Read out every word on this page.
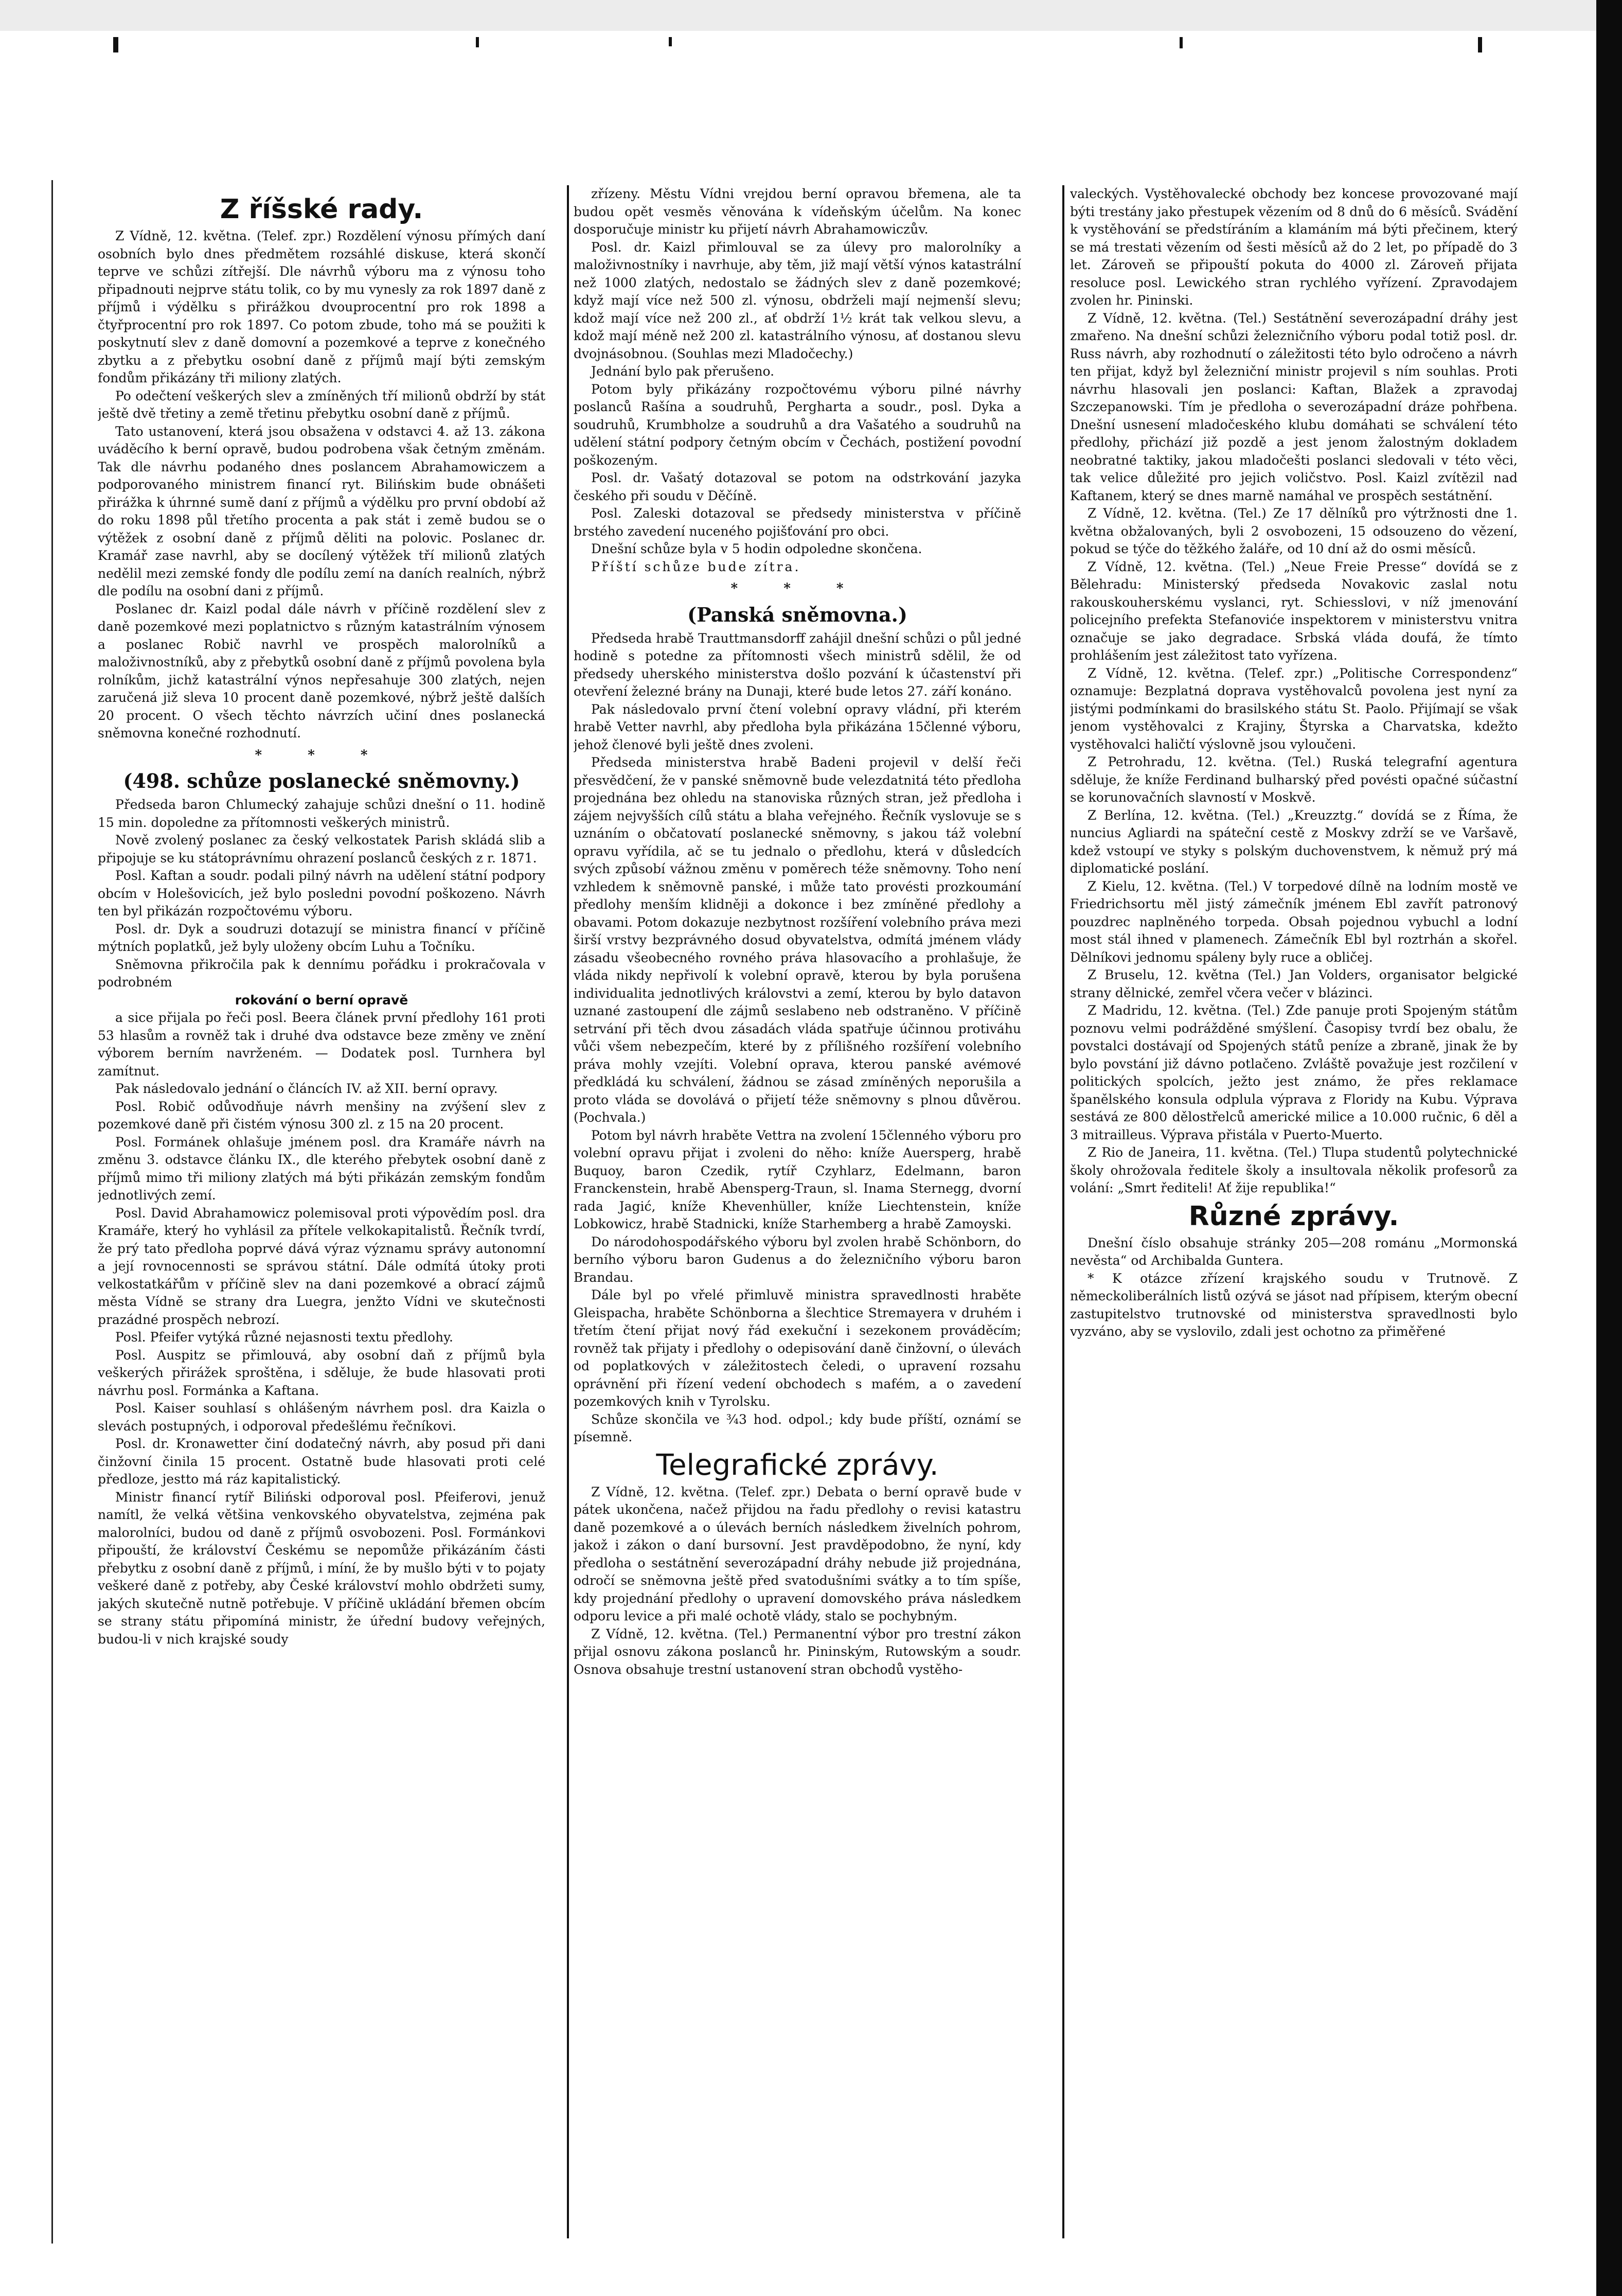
Z říšské rady.

Z Vídně, 12. května. (Telef. zpr.) Rozdělení výnosu přímých daní osobních bylo dnes předmětem rozsáhlé diskuse, která skončí teprve ve schůzi zítřejší. Dle návrhů výboru ma z výnosu toho připadnouti nejprve státu tolik, co by mu vynesly za rok 1897 daně z příjmů i výdělku s přirážkou dvouprocentní pro rok 1898 a čtyřprocentní pro rok 1897. Co potom zbude, toho má se použiti k poskytnutí slev z daně domovní a pozemkové a teprve z konečného zbytku a z přebytku osobní daně z příjmů mají býti zemským fondům přikázány tři miliony zlatých.

Po odečtení veškerých slev a zmíněných tří milionů obdrží by stát ještě dvě třetiny a země třetinu přebytku osobní daně z příjmů.

Tato ustanovení, která jsou obsažena v odstavci 4. až 13. zákona uváděcího k berní opravě, budou podrobena však četným změnám. Tak dle návrhu podaného dnes poslancem Abrahamowiczem a podporovaného ministrem financí ryt. Bilińskim bude obnášeti přirážka k úhrnné sumě daní z příjmů a výdělku pro první období až do roku 1898 půl třetího procenta a pak stát i země budou se o výtěžek z osobní daně z příjmů děliti na polovic. Poslanec dr. Kramář zase navrhl, aby se docílený výtěžek tří milionů zlatých nedělil mezi zemské fondy dle podílu zemí na daních realních, nýbrž dle podílu na osobní dani z příjmů.

Poslanec dr. Kaizl podal dále návrh v příčině rozdělení slev z daně pozemkové mezi poplatnictvo s různým katastrálním výnosem a poslanec Robič navrhl ve prospěch malorolníků a maloživnostníků, aby z přebytků osobní daně z příjmů povolena byla rolníkům, jichž katastrální výnos nepřesahuje 300 zlatých, nejen zaručená již sleva 10 procent daně pozemkové, nýbrž ještě dalších 20 procent. O všech těchto návrzích učiní dnes poslanecká sněmovna konečné rozhodnutí.

* * *
(498. schůze poslanecké sněmovny.)

Předseda baron Chlumecký zahajuje schůzi dnešní o 11. hodině 15 min. dopoledne za přítomnosti veškerých ministrů.

Nově zvolený poslanec za český velkostatek Parish skládá slib a připojuje se ku státoprávnímu ohrazení poslanců českých z r. 1871.

Posl. Kaftan a soudr. podali pilný návrh na udělení státní podpory obcím v Holešovicích, jež bylo posledni povodní poškozeno. Návrh ten byl přikázán rozpočtovému výboru.

Posl. dr. Dyk a soudruzi dotazují se ministra financí v příčině mýtních poplatků, jež byly uloženy obcím Luhu a Točníku.

Sněmovna přikročila pak k dennímu pořádku i prokračovala v podrobném

rokování o berní opravě

a sice přijala po řeči posl. Beera článek první předlohy 161 proti 53 hlasům a rovněž tak i druhé dva odstavce beze změny ve znění výborem berním navrženém. — Dodatek posl. Turnhera byl zamítnut.

Pak následovalo jednání o článcích IV. až XII. berní opravy.

Posl. Robič odůvodňuje návrh menšiny na zvýšení slev z pozemkové daně při čistém výnosu 300 zl. z 15 na 20 procent.

Posl. Formánek ohlašuje jménem posl. dra Kramáře návrh na změnu 3. odstavce článku IX., dle kterého přebytek osobní daně z příjmů mimo tři miliony zlatých má býti přikázán zemským fondům jednotlivých zemí.

Posl. David Abrahamowicz polemisoval proti výpovědím posl. dra Kramáře, který ho vyhlásil za přítele velkokapitalistů. Řečník tvrdí, že prý tato předloha poprvé dává výraz významu správy autonomní a její rovnocennosti se správou státní. Dále odmítá útoky proti velkostatkářům v příčině slev na dani pozemkové a obrací zájmů města Vídně se strany dra Luegra, jenžto Vídni ve skutečnosti prazádné prospěch nebrozí.

Posl. Pfeifer vytýká různé nejasnosti textu předlohy.

Posl. Auspitz se přimlouvá, aby osobní daň z příjmů byla veškerých přirážek sproštěna, i sděluje, že bude hlasovati proti návrhu posl. Formánka a Kaftana.

Posl. Kaiser souhlasí s ohlášeným návrhem posl. dra Kaizla o slevách postupných, i odporoval předešlému řečníkovi.

Posl. dr. Kronawetter činí dodatečný návrh, aby posud při dani činžovní činila 15 procent. Ostatně bude hlasovati proti celé předloze, jestto má ráz kapitalistický.

Ministr financí rytíř Biliński odporoval posl. Pfeiferovi, jenuž namítl, že velká většina venkovského obyvatelstva, zejména pak malorolníci, budou od daně z příjmů osvobozeni. Posl. Formánkovi připouští, že království Českému se nepomůže přikázáním části přebytku z osobní daně z příjmů, i míní, že by mušlo býti v to pojaty veškeré daně z potřeby, aby České království mohlo obdržeti sumy, jakých skutečně nutně potřebuje. V příčině ukládání břemen obcím se strany státu připomíná ministr, že úřední budovy veřejných, budou-li v nich krajské soudy

zřízeny. Městu Vídni vrejdou berní opravou břemena, ale ta budou opět vesměs věnována k vídeňským účelům. Na konec dosporučuje ministr ku přijetí návrh Abrahamowiczův.

Posl. dr. Kaizl přimlouval se za úlevy pro malorolníky a maloživnostníky i navrhuje, aby těm, již mají větší výnos katastrální než 1000 zlatých, nedostalo se žádných slev z daně pozemkové; když mají více než 500 zl. výnosu, obdrželi mají nejmenší slevu; kdož mají více než 200 zl., ať obdrží 1½ krát tak velkou slevu, a kdož mají méně než 200 zl. katastrálního výnosu, ať dostanou slevu dvojnásobnou. (Souhlas mezi Mladočechy.)

Jednání bylo pak přerušeno.

Potom byly přikázány rozpočtovému výboru pilné návrhy poslanců Rašína a soudruhů, Pergharta a soudr., posl. Dyka a soudruhů, Krumbholze a soudruhů a dra Vašatého a soudruhů na udělení státní podpory četným obcím v Čechách, postižení povodní poškozeným.

Posl. dr. Vašatý dotazoval se potom na odstrkování jazyka českého při soudu v Děčíně.

Posl. Zaleski dotazoval se předsedy ministerstva v příčině brstého zavedení nuceného pojišťování pro obci.

Dnešní schůze byla v 5 hodin odpoledne skončena.

Příští schůze bude zítra.

* * *
(Panská sněmovna.)

Předseda hrabě Trauttmansdorff zahájil dnešní schůzi o půl jedné hodině s potedne za přítomnosti všech ministrů sdělil, že od předsedy uherského ministerstva došlo pozvání k účastenství při otevření železné brány na Dunaji, které bude letos 27. září konáno.

Pak následovalo první čtení volební opravy vládní, při kterém hrabě Vetter navrhl, aby předloha byla přikázána 15členné výboru, jehož členové byli ještě dnes zvoleni.

Předseda ministerstva hrabě Badeni projevil v delší řeči přesvědčení, že v panské sněmovně bude velezdatnitá této předloha projednána bez ohledu na stanoviska různých stran, jež předloha i zájem nejvyšších cílů státu a blaha veřejného. Řečník vyslovuje se s uznáním o občatovatí poslanecké sněmovny, s jakou táž volební opravu vyřídila, ač se tu jednalo o předlohu, která v důsledcích svých způsobí vážnou změnu v poměrech téže sněmovny. Toho není vzhledem k sněmovně panské, i může tato provésti prozkoumání předlohy menším klidněji a dokonce i bez zmíněné předlohy a obavami. Potom dokazuje nezbytnost rozšíření volebního práva mezi širší vrstvy bezprávného dosud obyvatelstva, odmítá jménem vlády zásadu všeobecného rovného práva hlasovacího a prohlašuje, že vláda nikdy nepřivolí k volební opravě, kterou by byla porušena individualita jednotlivých královstvi a zemí, kterou by bylo datavon uznané zastoupení dle zájmů seslabeno neb odstraněno. V příčině setrvání při těch dvou zásadách vláda spatřuje účinnou protiváhu vůči všem nebezpečím, které by z přílišného rozšíření volebního práva mohly vzejíti. Volební oprava, kterou panské avémové předkládá ku schválení, žádnou se zásad zmíněných neporušila a proto vláda se dovolává o přijetí téže sněmovny s plnou důvěrou. (Pochvala.)

Potom byl návrh hraběte Vettra na zvolení 15členného výboru pro volební opravu přijat i zvoleni do něho: kníže Auersperg, hrabě Buquoy, baron Czedik, rytíř Czyhlarz, Edelmann, baron Franckenstein, hrabě Abensperg-Traun, sl. Inama Sternegg, dvorní rada Jagić, kníže Khevenhüller, kníže Liechtenstein, kníže Lobkowicz, hrabě Stadnicki, kníže Starhemberg a hrabě Zamoyski.

Do národohospodářského výboru byl zvolen hrabě Schönborn, do berního výboru baron Gudenus a do železničního výboru baron Brandau.

Dále byl po vřelé přimluvě ministra spravedlnosti hraběte Gleispacha, hraběte Schönborna a šlechtice Stremayera v druhém i třetím čtení přijat nový řád exekuční i sezekonem prováděcím; rovněž tak přijaty i předlohy o odepisování daně činžovní, o úlevách od poplatkových v záležitostech čeledi, o upravení rozsahu oprávnění při řízení vedení obchodech s mafém, a o zavedení pozemkových knih v Tyrolsku.

Schůze skončila ve ¾3 hod. odpol.; kdy bude příští, oznámí se písemně.

Telegrafické zprávy.

Z Vídně, 12. května. (Telef. zpr.) Debata o berní opravě bude v pátek ukončena, načež přijdou na řadu předlohy o revisi katastru daně pozemkové a o úlevách berních následkem živelních pohrom, jakož i zákon o daní bursovní. Jest pravděpodobno, že nyní, kdy předloha o sestátnění severozápadní dráhy nebude již projednána, odročí se sněmovna ještě před svatodušními svátky a to tím spíše, kdy projednání předlohy o upravení domovského práva následkem odporu levice a při malé ochotě vlády, stalo se pochybným.

Z Vídně, 12. května. (Tel.) Permanentní výbor pro trestní zákon přijal osnovu zákona poslanců hr. Pininským, Rutowským a soudr. Osnova obsahuje trestní ustanovení stran obchodů vystěho-

valeckých. Vystěhovalecké obchody bez koncese provozované mají býti trestány jako přestupek vězením od 8 dnů do 6 měsíců. Svádění k vystěhování se předstíráním a klamáním má býti přečinem, který se má trestati vězením od šesti měsíců až do 2 let, po případě do 3 let. Zároveň se připouští pokuta do 4000 zl. Zároveň přijata resoluce posl. Lewického stran rychlého vyřízení. Zpravodajem zvolen hr. Pininski.

Z Vídně, 12. května. (Tel.) Sestátnění severozápadní dráhy jest zmařeno. Na dnešní schůzi železničního výboru podal totiž posl. dr. Russ návrh, aby rozhodnutí o záležitosti této bylo odročeno a návrh ten přijat, když byl železniční ministr projevil s ním souhlas. Proti návrhu hlasovali jen poslanci: Kaftan, Blažek a zpravodaj Szczepanowski. Tím je předloha o severozápadní dráze pohřbena. Dnešní usnesení mladočeského klubu domáhati se schválení této předlohy, přichází již pozdě a jest jenom žalostným dokladem neobratné taktiky, jakou mladočešti poslanci sledovali v této věci, tak velice důležité pro jejich voličstvo. Posl. Kaizl zvítězil nad Kaftanem, který se dnes marně namáhal ve prospěch sestátnění.

Z Vídně, 12. května. (Tel.) Ze 17 dělníků pro výtržnosti dne 1. května obžalovaných, byli 2 osvobozeni, 15 odsouzeno do vězení, pokud se týče do těžkého žaláře, od 10 dní až do osmi měsíců.

Z Vídně, 12. května. (Tel.) „Neue Freie Presse“ dovídá se z Bělehradu: Ministerský předseda Novakovic zaslal notu rakouskouherskému vyslanci, ryt. Schiesslovi, v níž jmenování policejního prefekta Stefanoviće inspektorem v ministerstvu vnitra označuje se jako degradace. Srbská vláda doufá, že tímto prohlášením jest záležitost tato vyřízena.

Z Vídně, 12. května. (Telef. zpr.) „Politische Correspondenz“ oznamuje: Bezplatná doprava vystěhovalců povolena jest nyní za jistými podmínkami do brasilského státu St. Paolo. Přijímají se však jenom vystěhovalci z Krajiny, Štyrska a Charvatska, kdežto vystěhovalci haličtí výslovně jsou vyloučeni.

Z Petrohradu, 12. května. (Tel.) Ruská telegrafní agentura sděluje, že kníže Ferdinand bulharský před povésti opačné súčastní se korunovačních slavností v Moskvě.

Z Berlína, 12. května. (Tel.) „Kreuzztg.“ dovídá se z Říma, že nuncius Agliardi na spáteční cestě z Moskvy zdrží se ve Varšavě, kdež vstoupí ve styky s polským duchovenstvem, k němuž prý má diplomatické poslání.

Z Kielu, 12. května. (Tel.) V torpedové dílně na lodním mostě ve Friedrichsortu měl jistý zámečník jménem Ebl zavřít patronový pouzdrec naplněného torpeda. Obsah pojednou vybuchl a lodní most stál ihned v plamenech. Zámečník Ebl byl roztrhán a skořel. Dělníkovi jednomu spáleny byly ruce a obličej.

Z Bruselu, 12. května (Tel.) Jan Volders, organisator belgické strany dělnické, zemřel včera večer v blázinci.

Z Madridu, 12. května. (Tel.) Zde panuje proti Spojeným státům poznovu velmi podrážděné smýšlení. Časopisy tvrdí bez obalu, že povstalci dostávají od Spojených států peníze a zbraně, jinak že by bylo povstání již dávno potlačeno. Zvláště považuje jest rozčilení v politických spolcích, ježto jest známo, že přes reklamace španělského konsula odplula výprava z Floridy na Kubu. Výprava sestává ze 800 dělostřelců americké milice a 10.000 ručnic, 6 děl a 3 mitrailleus. Výprava přistála v Puerto-Muerto.

Z Rio de Janeira, 11. května. (Tel.) Tlupa studentů polytechnické školy ohrožovala ředitele školy a insultovala několik profesorů za volání: „Smrt řediteli! Ať žije republika!“

Různé zprávy.

Dnešní číslo obsahuje stránky 205—208 románu „Mormonská nevěsta“ od Archibalda Guntera.

* K otázce zřízení krajského soudu v Trutnově. Z německoliberálních listů ozývá se jásot nad přípisem, kterým obecní zastupitelstvo trutnovské od ministerstva spravedlnosti bylo vyzváno, aby se vyslovilo, zdali jest ochotno za přiměřené
